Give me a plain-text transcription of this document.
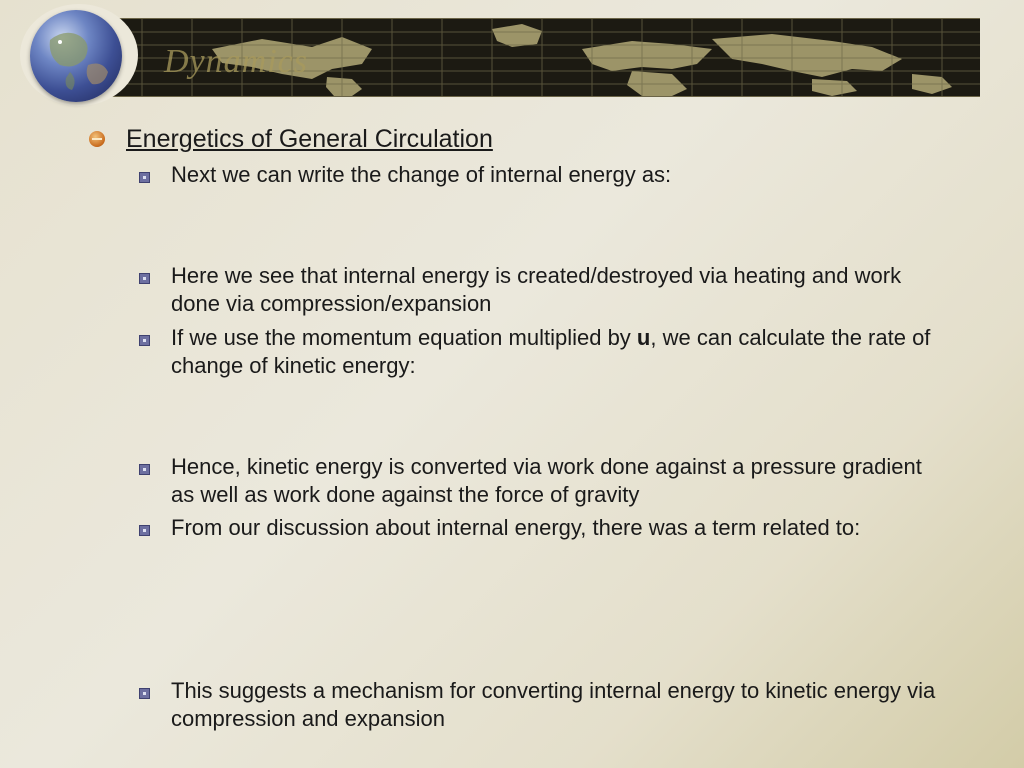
Dynamics
Energetics of General Circulation
Next we can write the change of internal energy as:
Here we see that internal energy is created/destroyed via heating and work done via compression/expansion
If we use the momentum equation multiplied by u, we can calculate the rate of change of kinetic energy:
Hence, kinetic energy is converted via work done against a pressure gradient as well as work done against the force of gravity
From our discussion about internal energy, there was a term related to:
This suggests a mechanism for converting internal energy to kinetic energy via compression and expansion
